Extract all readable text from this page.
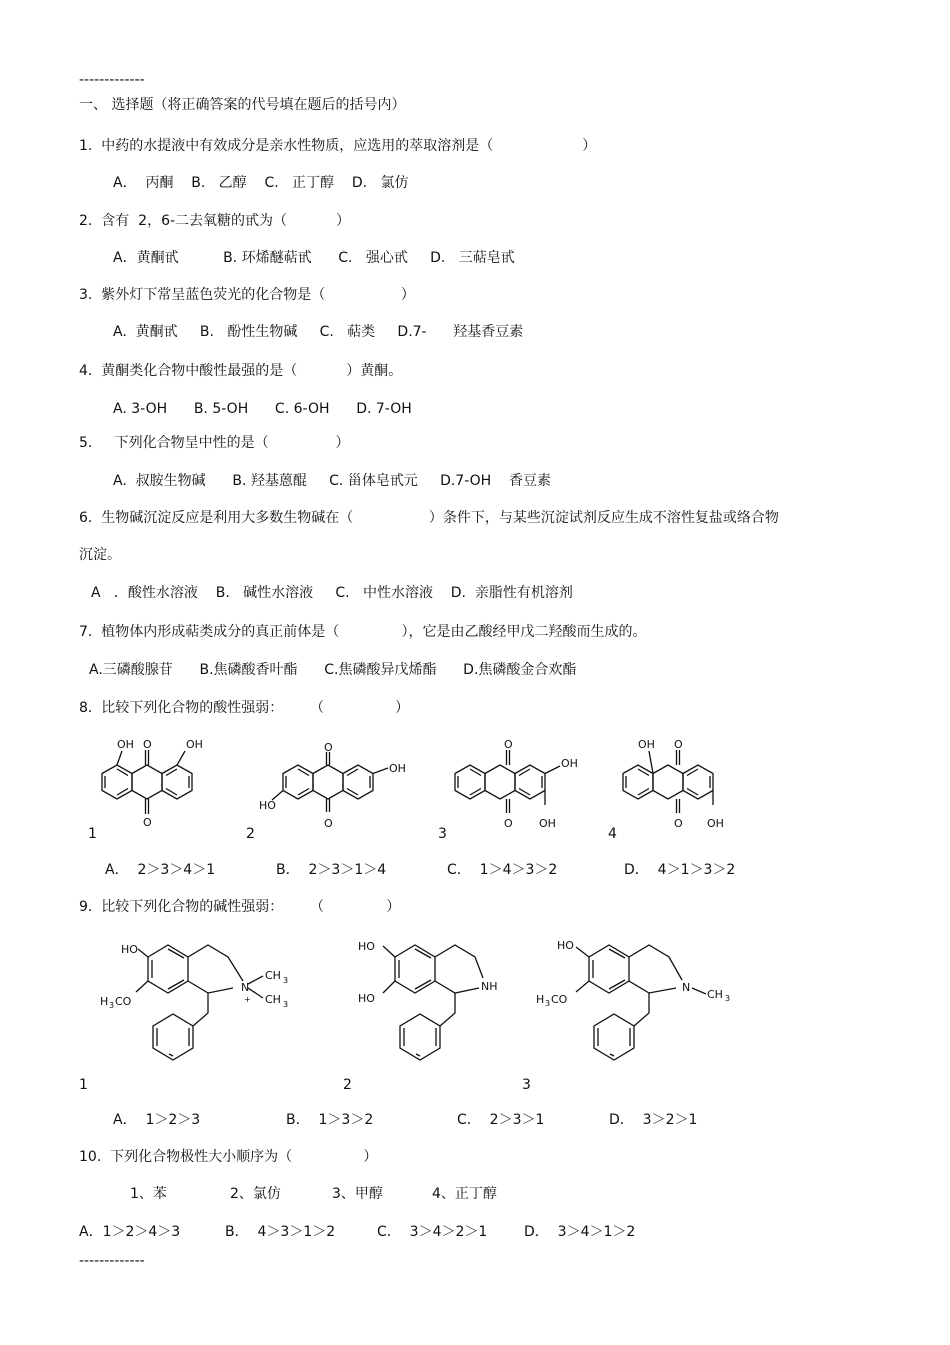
-------------
一、 选择题（将正确答案的代号填在题后的括号内）
1.  中药的水提液中有效成分是亲水性物质，应选用的萃取溶剂是（                    ）
A．  丙酮    B.   乙醇    C.   正丁醇    D.   氯仿
2.  含有  2，6-二去氧糖的甙为（           ）
A．黄酮甙          B. 环烯醚萜甙      C.   强心甙     D.   三萜皂甙
3.  紫外灯下常呈蓝色荧光的化合物是（                 ）
A.  黄酮甙     B.   酚性生物碱     C.   萜类     D.7-      羟基香豆素
4.  黄酮类化合物中酸性最强的是（           ）黄酮。
A. 3-OH      B. 5-OH      C. 6-OH      D. 7-OH
5.     下列化合物呈中性的是（               ）
A.  叔胺生物碱      B. 羟基蒽醌     C. 甾体皂甙元     D.7-OH    香豆素
6.  生物碱沉淀反应是利用大多数生物碱在（                 ）条件下，与某些沉淀试剂反应生成不溶性复盐或络合物
沉淀。
A   ．酸性水溶液    B.   碱性水溶液     C.   中性水溶液    D.  亲脂性有机溶剂
7.  植物体内形成萜类成分的真正前体是（              ），它是由乙酸经甲戊二羟酸而生成的。
A.三磷酸腺苷      B.焦磷酸香叶酯      C.焦磷酸异戊烯酯      D.焦磷酸金合欢酯
8.  比较下列化合物的酸性强弱：      （                ）
OH O	OH
O
O
O
OH
HO
O
O
OH
OH
OH O
O OH
1	2	3	4
A．  2＞3＞4＞1	B．  2＞3＞1＞4	C．  1＞4＞3＞2	D．  4＞1＞3＞2
9.  比较下列化合物的碱性强弱：      （              ）
HO
H 3 CO
N
+
CH 3
CH 3
HO
HO
NH
HO
H 3 CO
N
CH 3
1	2	3
A．  1＞2＞3	B．  1＞3＞2	C．  2＞3＞1	D．  3＞2＞1
10.  下列化合物极性大小顺序为（                ）
1、苯	2、氯仿	3、甲醇	4、正丁醇
A．1＞2＞4＞3	B．  4＞3＞1＞2	C．  3＞4＞2＞1	D．  3＞4＞1＞2
-------------
